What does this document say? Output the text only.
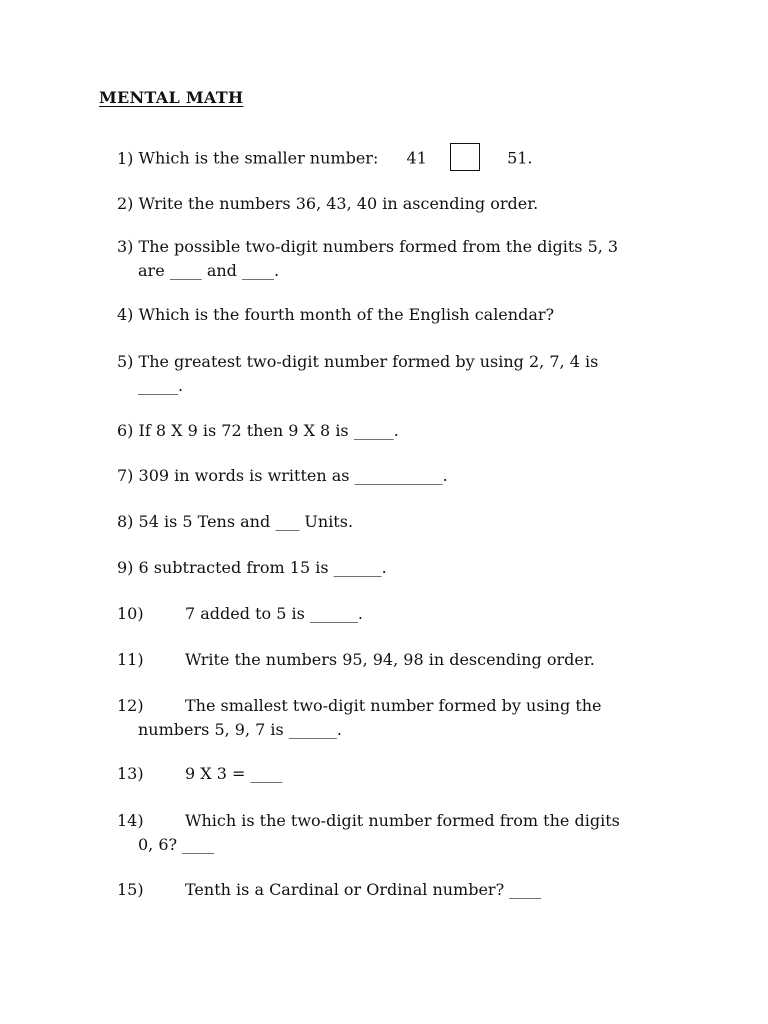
MENTAL MATH
1) Which is the smaller number: 41	51.
2) Write the numbers 36, 43, 40 in ascending order.
3) The possible two-digit numbers formed from the digits 5, 3
are ____ and ____.
4) Which is the fourth month of the English calendar?
5) The greatest two-digit number formed by using 2, 7, 4 is
_____.
6) If 8 X 9 is 72 then 9 X 8 is _____.
7) 309 in words is written as ___________.
8) 54 is 5 Tens and ___ Units.
9) 6 subtracted from 15 is ______.
10)	7 added to 5 is ______.
11)	Write the numbers 95, 94, 98 in descending order.
12)	The smallest two-digit number formed by using the
numbers 5, 9, 7 is ______.
13)	9 X 3 = ____
14)	Which is the two-digit number formed from the digits
0, 6? ____
15)	Tenth is a Cardinal or Ordinal number? ____
